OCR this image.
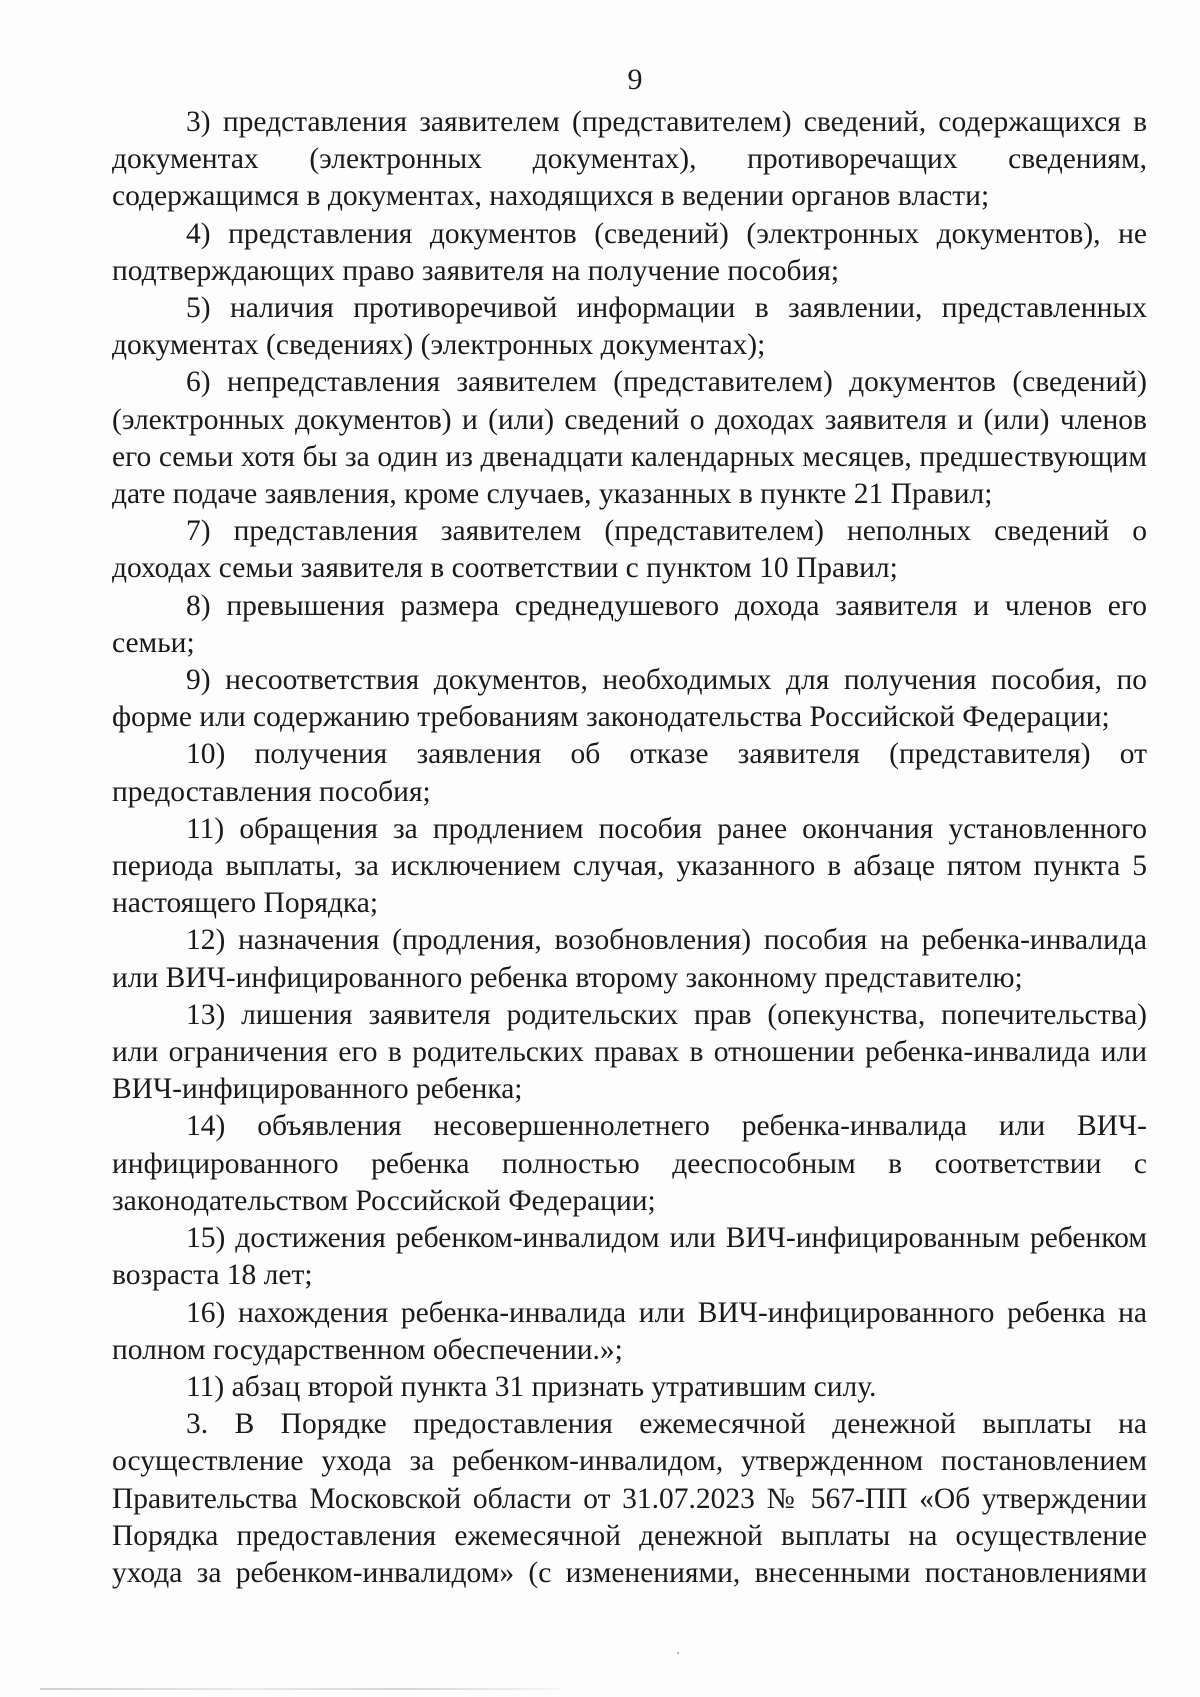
9

3) представления заявителем (представителем) сведений, содержащихся в документах (электронных документах), противоречащих сведениям, содержащимся в документах, находящихся в ведении органов власти;

4) представления документов (сведений) (электронных документов), не подтверждающих право заявителя на получение пособия;

5) наличия противоречивой информации в заявлении, представленных документах (сведениях) (электронных документах);

6) непредставления заявителем (представителем) документов (сведений) (электронных документов) и (или) сведений о доходах заявителя и (или) членов его семьи хотя бы за один из двенадцати календарных месяцев, предшествующим дате подаче заявления, кроме случаев, указанных в пункте 21 Правил;

7) представления заявителем (представителем) неполных сведений о доходах семьи заявителя в соответствии с пунктом 10 Правил;

8) превышения размера среднедушевого дохода заявителя и членов его семьи;

9) несоответствия документов, необходимых для получения пособия, по форме или содержанию требованиям законодательства Российской Федерации;

10) получения заявления об отказе заявителя (представителя) от предоставления пособия;

11) обращения за продлением пособия ранее окончания установленного периода выплаты, за исключением случая, указанного в абзаце пятом пункта 5 настоящего Порядка;

12) назначения (продления, возобновления) пособия на ребенка-инвалида или ВИЧ-инфицированного ребенка второму законному представителю;

13) лишения заявителя родительских прав (опекунства, попечительства) или ограничения его в родительских правах в отношении ребенка-инвалида или ВИЧ-инфицированного ребенка;

14) объявления несовершеннолетнего ребенка-инвалида или ВИЧ-инфицированного ребенка полностью дееспособным в соответствии с законодательством Российской Федерации;

15) достижения ребенком-инвалидом или ВИЧ-инфицированным ребенком возраста 18 лет;

16) нахождения ребенка-инвалида или ВИЧ-инфицированного ребенка на полном государственном обеспечении.»;

11) абзац второй пункта 31 признать утратившим силу.

3. В Порядке предоставления ежемесячной денежной выплаты на осуществление ухода за ребенком-инвалидом, утвержденном постановлением Правительства Московской области от 31.07.2023 № 567-ПП «Об утверждении Порядка предоставления ежемесячной денежной выплаты на осуществление ухода за ребенком-инвалидом» (с изменениями, внесенными постановлениями
